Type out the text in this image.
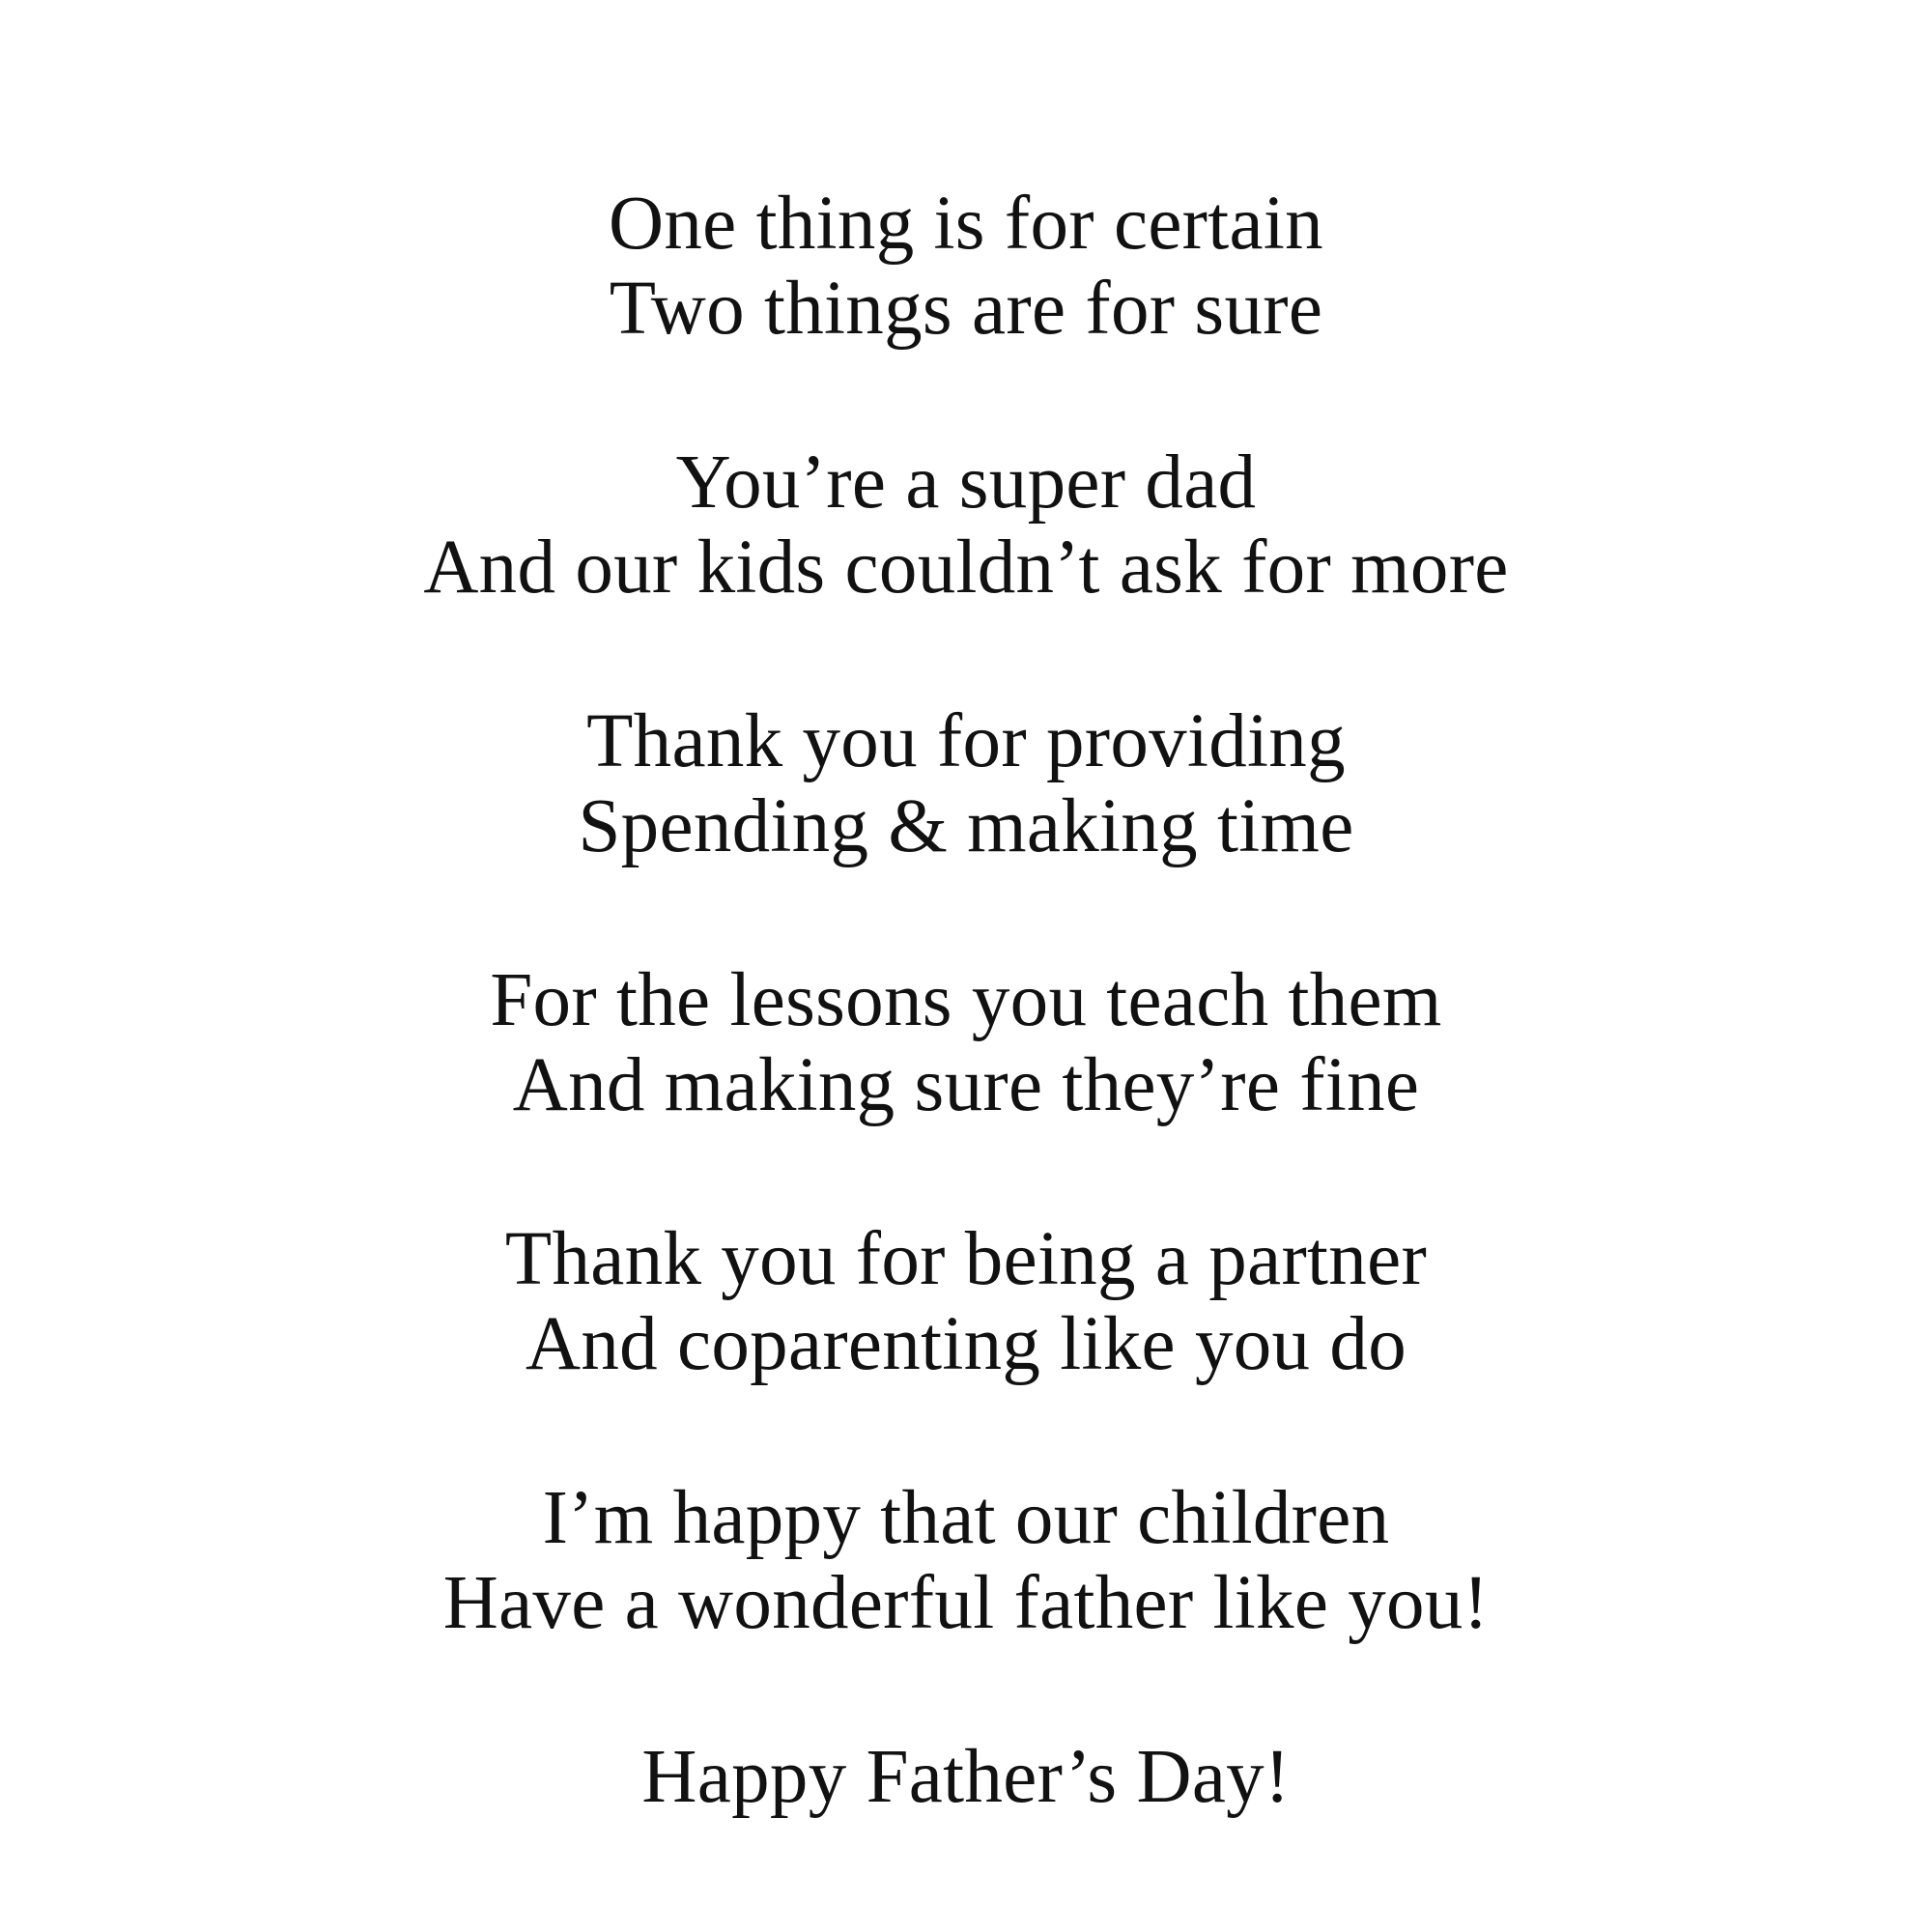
One thing is for certain
Two things are for sure
You’re a super dad
And our kids couldn’t ask for more
Thank you for providing
Spending & making time
For the lessons you teach them
And making sure they’re fine
Thank you for being a partner
And coparenting like you do
I’m happy that our children
Have a wonderful father like you!
Happy Father’s Day!
